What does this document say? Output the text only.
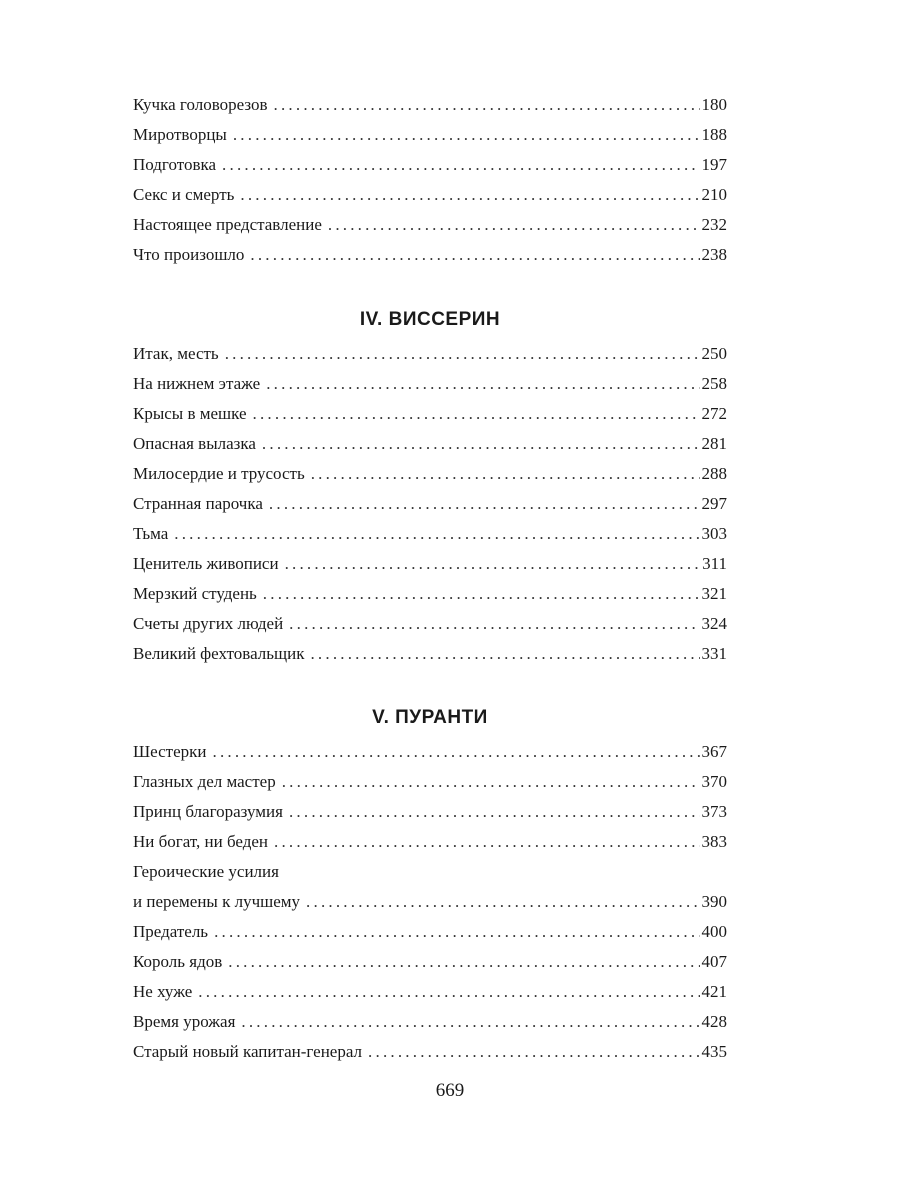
Кучка головорезов .....	180
Миротворцы .....	188
Подготовка .....	197
Секс и смерть .....	210
Настоящее представление .....	232
Что произошло .....	238
IV. ВИССЕРИН
Итак, месть .....	250
На нижнем этаже .....	258
Крысы в мешке .....	272
Опасная вылазка .....	281
Милосердие и трусость .....	288
Странная парочка .....	297
Тьма .....	303
Ценитель живописи .....	311
Мерзкий студень .....	321
Счеты других людей .....	324
Великий фехтовальщик .....	331
V. ПУРАНТИ
Шестерки .....	367
Глазных дел мастер .....	370
Принц благоразумия .....	373
Ни богат, ни беден .....	383
Героические усилия
и перемены к лучшему .....	390
Предатель .....	400
Король ядов .....	407
Не хуже .....	421
Время урожая .....	428
Старый новый капитан-генерал .....	435
669
